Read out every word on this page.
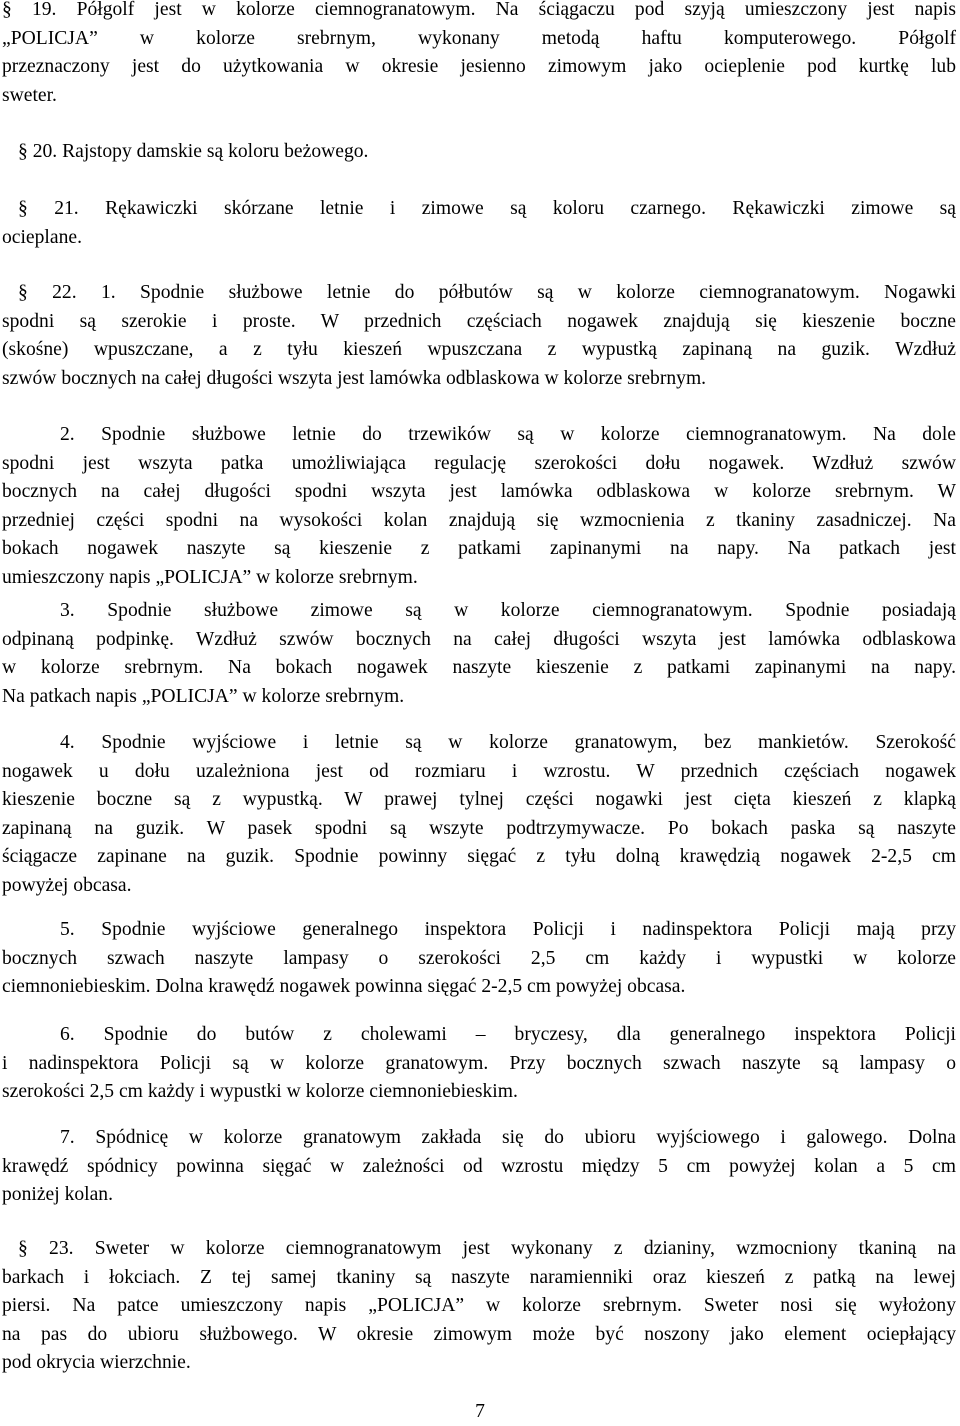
§ 19. Półgolf jest w kolorze ciemnogranatowym. Na ściągaczu pod szyją umieszczony jest napis
„POLICJA” w kolorze srebrnym, wykonany metodą haftu komputerowego. Półgolf
przeznaczony jest do użytkowania w okresie jesienno zimowym jako ocieplenie pod kurtkę lub
sweter.
§ 20. Rajstopy damskie są koloru beżowego.
§ 21. Rękawiczki skórzane letnie i zimowe są koloru czarnego. Rękawiczki zimowe są
ocieplane.
§ 22. 1. Spodnie służbowe letnie do półbutów są w kolorze ciemnogranatowym. Nogawki
spodni są szerokie i proste. W przednich częściach nogawek znajdują się kieszenie boczne
(skośne) wpuszczane, a z tyłu kieszeń wpuszczana z wypustką zapinaną na guzik. Wzdłuż
szwów bocznych na całej długości wszyta jest lamówka odblaskowa w kolorze srebrnym.
2. Spodnie służbowe letnie do trzewików są w kolorze ciemnogranatowym. Na dole
spodni jest wszyta patka umożliwiająca regulację szerokości dołu nogawek. Wzdłuż szwów
bocznych na całej długości spodni wszyta jest lamówka odblaskowa w kolorze srebrnym. W
przedniej części spodni na wysokości kolan znajdują się wzmocnienia z tkaniny zasadniczej. Na
bokach nogawek naszyte są kieszenie z patkami zapinanymi na napy. Na patkach jest
umieszczony napis „POLICJA” w kolorze srebrnym.
3. Spodnie służbowe zimowe są w kolorze ciemnogranatowym. Spodnie posiadają
odpinaną podpinkę. Wzdłuż szwów bocznych na całej długości wszyta jest lamówka odblaskowa
w kolorze srebrnym. Na bokach nogawek naszyte kieszenie z patkami zapinanymi na napy.
Na patkach napis „POLICJA” w kolorze srebrnym.
4. Spodnie wyjściowe i letnie są w kolorze granatowym, bez mankietów. Szerokość
nogawek u dołu uzależniona jest od rozmiaru i wzrostu. W przednich częściach nogawek
kieszenie boczne są z wypustką. W prawej tylnej części nogawki jest cięta kieszeń z klapką
zapinaną na guzik. W pasek spodni są wszyte podtrzymywacze. Po bokach paska są naszyte
ściągacze zapinane na guzik. Spodnie powinny sięgać z tyłu dolną krawędzią nogawek 2-2,5 cm
powyżej obcasa.
5. Spodnie wyjściowe generalnego inspektora Policji i nadinspektora Policji mają przy
bocznych szwach naszyte lampasy o szerokości 2,5 cm każdy i wypustki w kolorze
ciemnoniebieskim. Dolna krawędź nogawek powinna sięgać 2-2,5 cm powyżej obcasa.
6. Spodnie do butów z cholewami – bryczesy, dla generalnego inspektora Policji
i nadinspektora Policji są w kolorze granatowym. Przy bocznych szwach naszyte są lampasy o
szerokości 2,5 cm każdy i wypustki w kolorze ciemnoniebieskim.
7. Spódnicę w kolorze granatowym zakłada się do ubioru wyjściowego i galowego. Dolna
krawędź spódnicy powinna sięgać w zależności od wzrostu między 5 cm powyżej kolan a 5 cm
poniżej kolan.
§ 23. Sweter w kolorze ciemnogranatowym jest wykonany z dzianiny, wzmocniony tkaniną na
barkach i łokciach. Z tej samej tkaniny są naszyte naramienniki oraz kieszeń z patką na lewej
piersi. Na patce umieszczony napis „POLICJA” w kolorze srebrnym. Sweter nosi się wyłożony
na pas do ubioru służbowego. W okresie zimowym może być noszony jako element ociepłający
pod okrycia wierzchnie.
7
